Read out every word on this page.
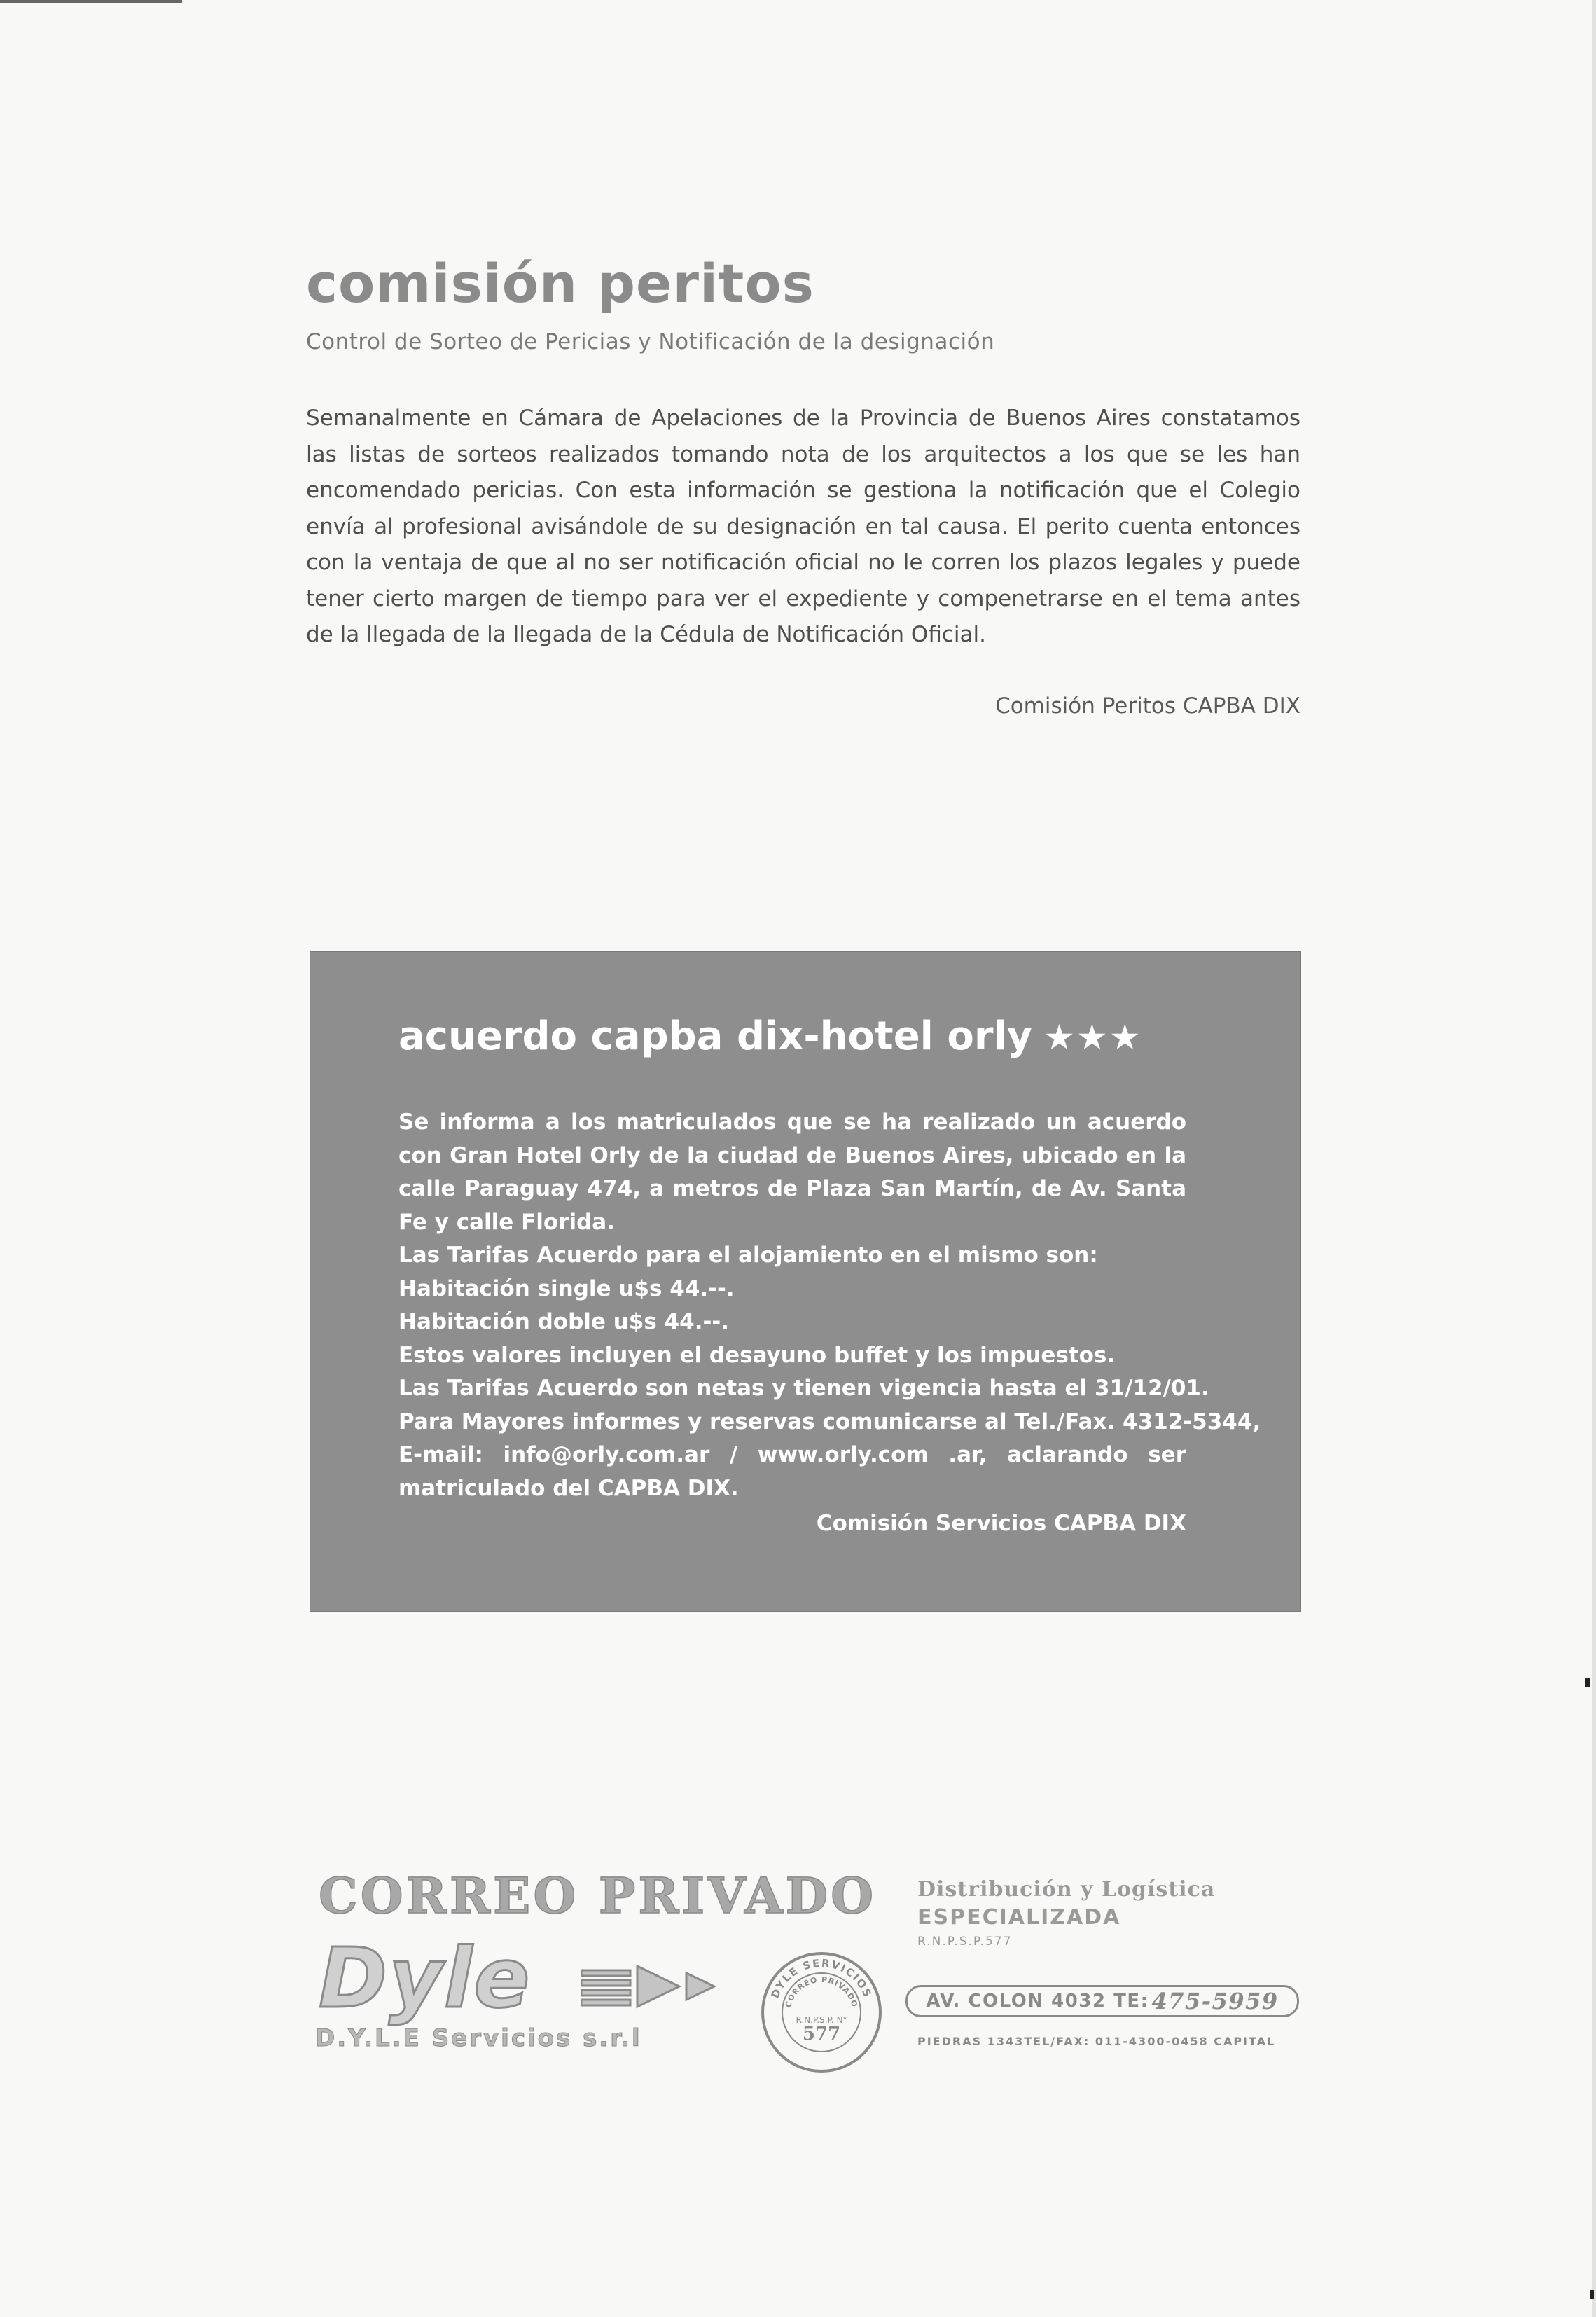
comisión peritos
Control de Sorteo de Pericias y Notificación de la designación
Semanalmente en Cámara de Apelaciones de la Provincia de Buenos Aires constatamos las listas de sorteos realizados tomando nota de los arquitectos a los que se les han encomendado pericias. Con esta información se gestiona la notificación que el Colegio envía al profesional avisándole de su designación en tal causa. El perito cuenta entonces con la ventaja de que al no ser notificación oficial no le corren los plazos legales y puede tener cierto margen de tiempo para ver el expediente y compenetrarse en el tema antes de la llegada de la llegada de la Cédula de Notificación Oficial.
Comisión Peritos CAPBA DIX
acuerdo capba dix-hotel orly ★★★
Se informa a los matriculados que se ha realizado un acuerdo con Gran Hotel Orly de la ciudad de Buenos Aires, ubicado en la calle Paraguay 474, a metros de Plaza San Martín, de Av. Santa Fe y calle Florida.
Las Tarifas Acuerdo para el alojamiento en el mismo son:
Habitación single u$s 44.--.
Habitación doble u$s 44.--.
Estos valores incluyen el desayuno buffet y los impuestos.
Las Tarifas Acuerdo son netas y tienen vigencia hasta el 31/12/01.
Para Mayores informes y reservas comunicarse al Tel./Fax. 4312-5344,
E-mail: info@orly.com.ar / www.orly.com .ar, aclarando ser matriculado del CAPBA DIX.
Comisión Servicios CAPBA DIX
CORREO PRIVADO
Dyle	DYLE SERVICIOS
CORREO PRIVADO
R.N.P.S.P. N°
577
D.Y.L.E Servicios s.r.l
Distribución y Logística
ESPECIALIZADA
R.N.P.S.P.577
AV. COLON 4032 TE: 475-5959
PIEDRAS 1343TEL/FAX: 011-4300-0458 CAPITAL
